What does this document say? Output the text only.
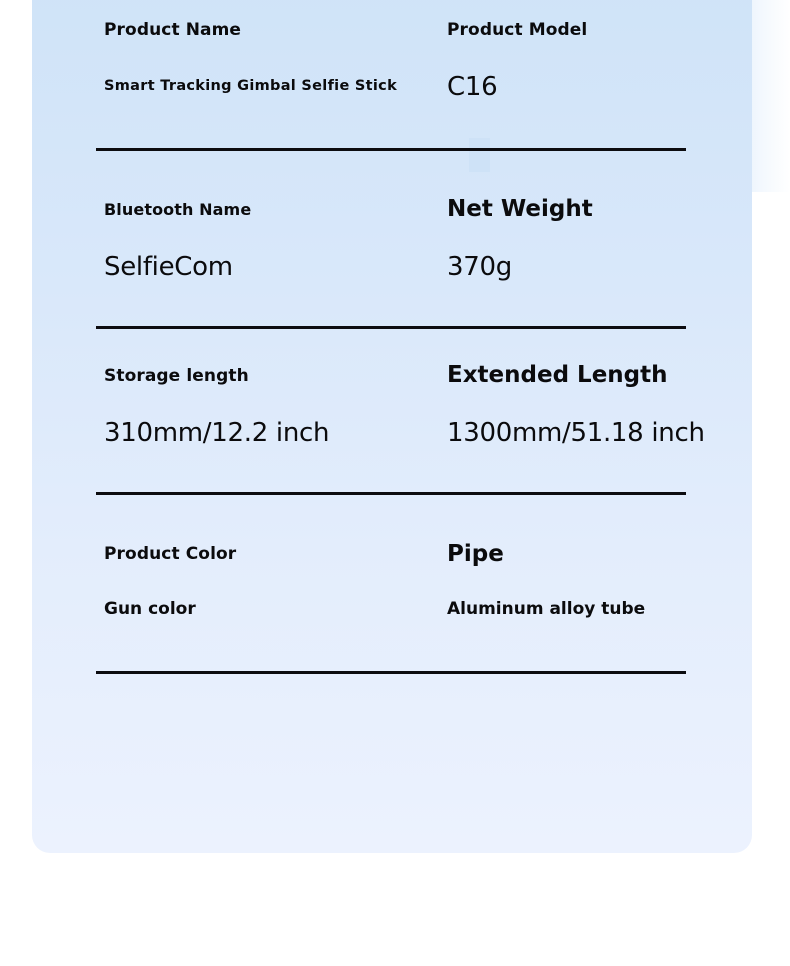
Product Name
Smart Tracking Gimbal Selfie Stick
Product Model
C16
Bluetooth Name
SelfieCom
Net Weight
370g
Storage length
310mm/12.2 inch
Extended Length
1300mm/51.18 inch
Product Color
Gun color
Pipe
Aluminum alloy tube
